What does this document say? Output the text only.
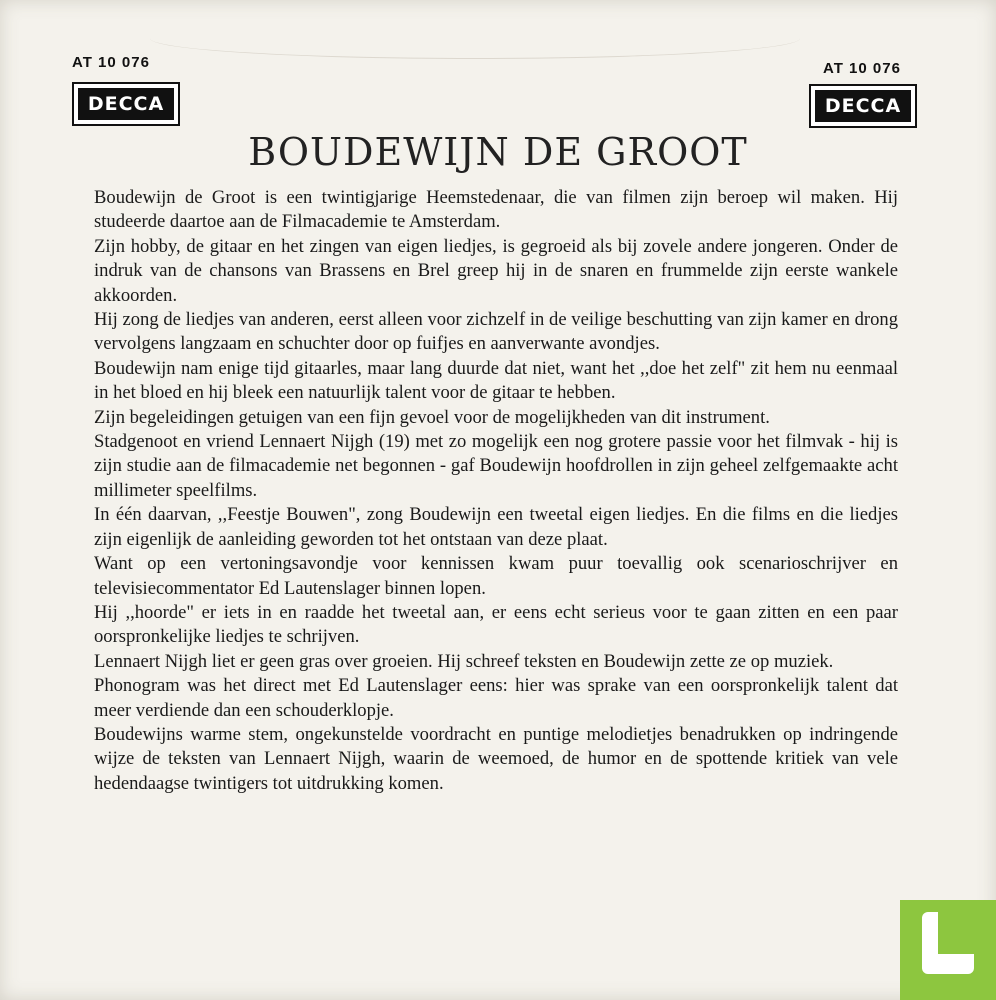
AT 10 076
DECCA
AT 10 076
DECCA
BOUDEWIJN DE GROOT

Boudewijn de Groot is een twintigjarige Heemstedenaar, die van filmen zijn beroep wil maken. Hij studeerde daartoe aan de Filmacademie te Amsterdam.

Zijn hobby, de gitaar en het zingen van eigen liedjes, is gegroeid als bij zovele andere jongeren. Onder de indruk van de chansons van Brassens en Brel greep hij in de snaren en frummelde zijn eerste wankele akkoorden.

Hij zong de liedjes van anderen, eerst alleen voor zichzelf in de veilige beschutting van zijn kamer en drong vervolgens langzaam en schuchter door op fuifjes en aanverwante avondjes.

Boudewijn nam enige tijd gitaarles, maar lang duurde dat niet, want het ,,doe het zelf" zit hem nu eenmaal in het bloed en hij bleek een natuurlijk talent voor de gitaar te hebben.

Zijn begeleidingen getuigen van een fijn gevoel voor de mogelijkheden van dit instrument.

Stadgenoot en vriend Lennaert Nijgh (19) met zo mogelijk een nog grotere passie voor het filmvak - hij is zijn studie aan de filmacademie net begonnen - gaf Boudewijn hoofdrollen in zijn geheel zelfgemaakte acht millimeter speelfilms.

In één daarvan, ,,Feestje Bouwen", zong Boudewijn een tweetal eigen liedjes. En die films en die liedjes zijn eigenlijk de aanleiding geworden tot het ontstaan van deze plaat.

Want op een vertoningsavondje voor kennissen kwam puur toevallig ook scenarioschrijver en televisiecommentator Ed Lautenslager binnen lopen.

Hij ,,hoorde" er iets in en raadde het tweetal aan, er eens echt serieus voor te gaan zitten en een paar oorspronkelijke liedjes te schrijven.

Lennaert Nijgh liet er geen gras over groeien. Hij schreef teksten en Boudewijn zette ze op muziek.

Phonogram was het direct met Ed Lautenslager eens: hier was sprake van een oorspronkelijk talent dat meer verdiende dan een schouderklopje.

Boudewijns warme stem, ongekunstelde voordracht en puntige melodietjes benadrukken op indringende wijze de teksten van Lennaert Nijgh, waarin de weemoed, de humor en de spottende kritiek van vele hedendaagse twintigers tot uitdrukking komen.
